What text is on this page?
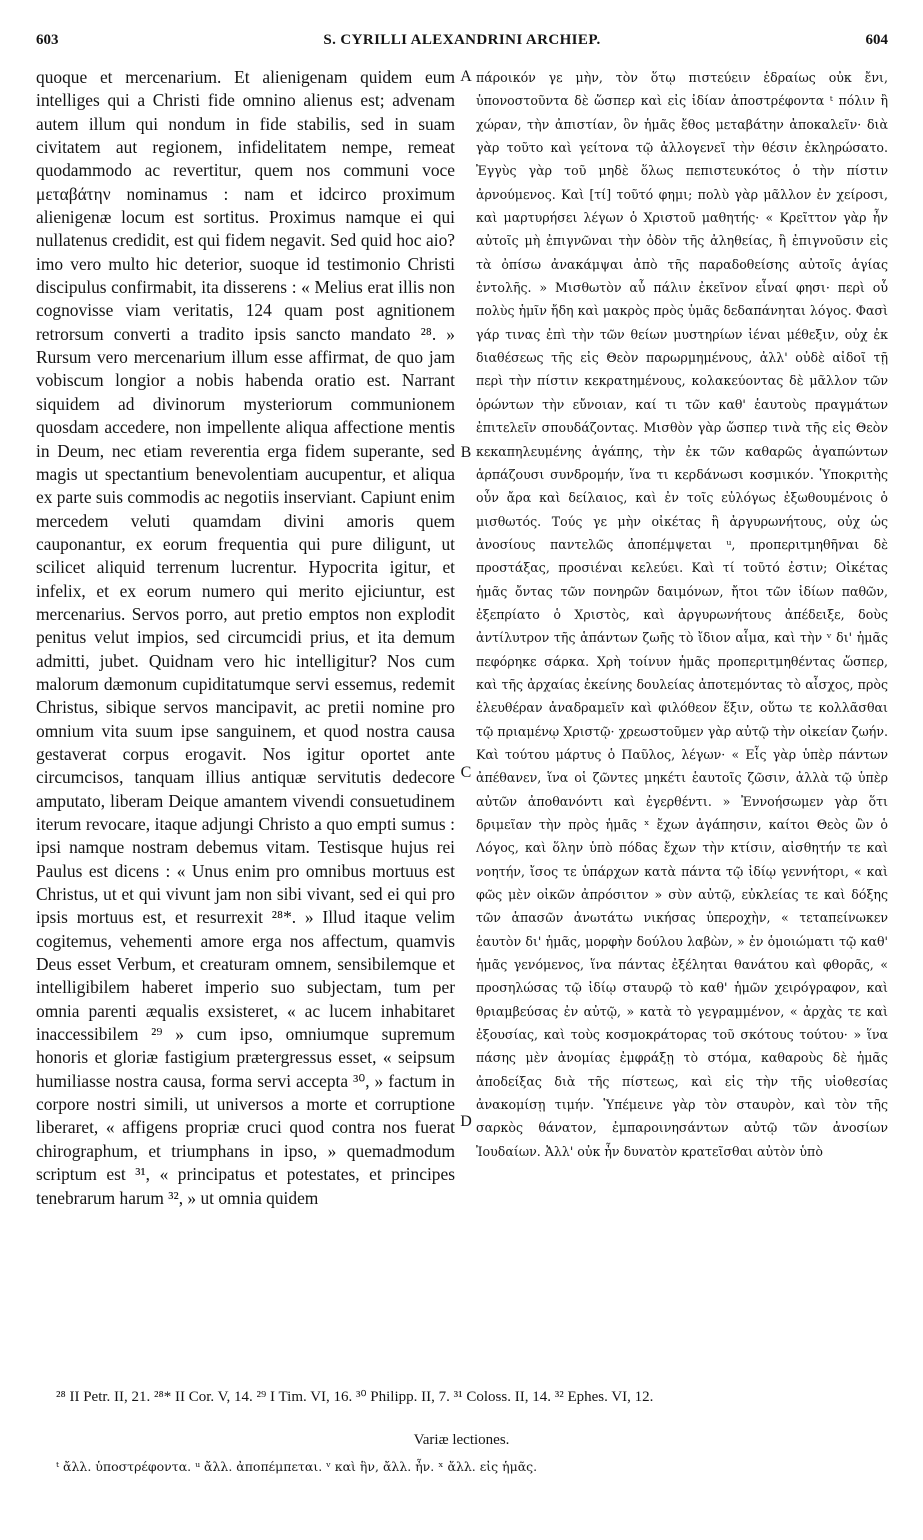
603	S. CYRILLI ALEXANDRINI ARCHIEP.	604
quoque et mercenarium. Et alienigenam quidem eum intelliges qui a Christi fide omnino alienus est; advenam autem illum qui nondum in fide stabilis, sed in suam civitatem aut regionem, infidelitatem nempe, remeat quodammodo ac revertitur, quem nos communi voce μεταβάτην nominamus : nam et idcirco proximum alienigenæ locum est sortitus. Proximus namque ei qui nullatenus credidit, est qui fidem negavit. Sed quid hoc aio? imo vero multo hic deterior, suoque id testimonio Christi discipulus confirmabit, ita disserens : « Melius erat illis non cognovisse viam veritatis, 124 quam post agnitionem retrorsum converti a tradito ipsis sancto mandato ²⁸. » Rursum vero mercenarium illum esse affirmat, de quo jam vobiscum longior a nobis habenda oratio est. Narrant siquidem ad divinorum mysteriorum communionem quosdam accedere, non impellente aliqua affectione mentis in Deum, nec etiam reverentia erga fidem superante, sed magis ut spectantium benevolentiam aucupentur, et aliqua ex parte suis commodis ac negotiis inserviant. Capiunt enim mercedem veluti quamdam divini amoris quem cauponantur, ex eorum frequentia qui pure diligunt, ut scilicet aliquid terrenum lucrentur. Hypocrita igitur, et infelix, et ex eorum numero qui merito ejiciuntur, est mercenarius. Servos porro, aut pretio emptos non explodit penitus velut impios, sed circumcidi prius, et ita demum admitti, jubet. Quidnam vero hic intelligitur? Nos cum malorum dæmonum cupiditatumque servi essemus, redemit Christus, sibique servos mancipavit, ac pretii nomine pro omnium vita suum ipse sanguinem, et quod nostra causa gestaverat corpus erogavit. Nos igitur oportet ante circumcisos, tanquam illius antiquæ servitutis dedecore amputato, liberam Deique amantem vivendi consuetudinem iterum revocare, itaque adjungi Christo a quo empti sumus : ipsi namque nostram debemus vitam. Testisque hujus rei Paulus est dicens : « Unus enim pro omnibus mortuus est Christus, ut et qui vivunt jam non sibi vivant, sed ei qui pro ipsis mortuus est, et resurrexit ²⁸*. » Illud itaque velim cogitemus, vehementi amore erga nos affectum, quamvis Deus esset Verbum, et creaturam omnem, sensibilemque et intelligibilem haberet imperio suo subjectam, tum per omnia parenti æqualis exsisteret, « ac lucem inhabitaret inaccessibilem ²⁹ » cum ipso, omniumque supremum honoris et gloriæ fastigium prætergressus esset, « seipsum humiliasse nostra causa, forma servi accepta ³⁰, » factum in corpore nostri simili, ut universos a morte et corruptione liberaret, « affigens propriæ cruci quod contra nos fuerat chirographum, et triumphans in ipso, » quemadmodum scriptum est ³¹, « principatus et potestates, et principes tenebrarum harum ³², » ut omnia quidem
A
B
C
D
πάροικόν γε μὴν, τὸν ὅτῳ πιστεύειν ἑδραίως οὐκ ἔνι, ὑπονοστοῦντα δὲ ὥσπερ καὶ εἰς ἰδίαν ἀποστρέφοντα ᵗ πόλιν ἢ χώραν, τὴν ἀπιστίαν, ὃν ἡμᾶς ἔθος μεταβάτην ἀποκαλεῖν· διὰ γὰρ τοῦτο καὶ γείτονα τῷ ἀλλογενεῖ τὴν θέσιν ἐκληρώσατο. Ἐγγὺς γὰρ τοῦ μηδὲ ὅλως πεπιστευκότος ὁ τὴν πίστιν ἀρνούμενος. Καὶ [τί] τοῦτό φημι; πολὺ γὰρ μᾶλλον ἐν χείροσι, καὶ μαρτυρήσει λέγων ὁ Χριστοῦ μαθητής· « Κρεῖττον γὰρ ἦν αὐτοῖς μὴ ἐπιγνῶναι τὴν ὁδὸν τῆς ἀληθείας, ἢ ἐπιγνοῦσιν εἰς τὰ ὀπίσω ἀνακάμψαι ἀπὸ τῆς παραδοθείσης αὐτοῖς ἁγίας ἐντολῆς. » Μισθωτὸν αὖ πάλιν ἐκεῖνον εἶναί φησι· περὶ οὗ πολὺς ἡμῖν ἤδη καὶ μακρὸς πρὸς ὑμᾶς δεδαπάνηται λόγος. Φασὶ γάρ τινας ἐπὶ τὴν τῶν θείων μυστηρίων ἰέναι μέθεξιν, οὐχ ἐκ διαθέσεως τῆς εἰς Θεὸν παρωρμημένους, ἀλλ' οὐδὲ αἰδοῖ τῇ περὶ τὴν πίστιν κεκρατημένους, κολακεύοντας δὲ μᾶλλον τῶν ὁρώντων τὴν εὔνοιαν, καί τι τῶν καθ' ἑαυτοὺς πραγμάτων ἐπιτελεῖν σπουδάζοντας. Μισθὸν γὰρ ὥσπερ τινὰ τῆς εἰς Θεὸν κεκαπηλευμένης ἀγάπης, τὴν ἐκ τῶν καθαρῶς ἀγαπώντων ἁρπάζουσι συνδρομήν, ἵνα τι κερδάνωσι κοσμικόν. Ὑποκριτὴς οὖν ἄρα καὶ δείλαιος, καὶ ἐν τοῖς εὐλόγως ἐξωθουμένοις ὁ μισθωτός. Τούς γε μὴν οἰκέτας ἢ ἀργυρωνήτους, οὐχ ὡς ἀνοσίους παντελῶς ἀποπέμψεται ᵘ, προπεριτμηθῆναι δὲ προστάξας, προσιέναι κελεύει. Καὶ τί τοῦτό ἐστιν; Οἰκέτας ἡμᾶς ὄντας τῶν πονηρῶν δαιμόνων, ἤτοι τῶν ἰδίων παθῶν, ἐξεπρίατο ὁ Χριστὸς, καὶ ἀργυρωνήτους ἀπέδειξε, δοὺς ἀντίλυτρον τῆς ἁπάντων ζωῆς τὸ ἴδιον αἷμα, καὶ τὴν ᵛ δι' ἡμᾶς πεφόρηκε σάρκα. Χρὴ τοίνυν ἡμᾶς προπεριτμηθέντας ὥσπερ, καὶ τῆς ἀρχαίας ἐκείνης δουλείας ἀποτεμόντας τὸ αἶσχος, πρὸς ἐλευθέραν ἀναδραμεῖν καὶ φιλόθεον ἕξιν, οὕτω τε κολλᾶσθαι τῷ πριαμένῳ Χριστῷ· χρεωστοῦμεν γὰρ αὐτῷ τὴν οἰκείαν ζωήν. Καὶ τούτου μάρτυς ὁ Παῦλος, λέγων· « Εἷς γὰρ ὑπὲρ πάντων ἀπέθανεν, ἵνα οἱ ζῶντες μηκέτι ἑαυτοῖς ζῶσιν, ἀλλὰ τῷ ὑπὲρ αὐτῶν ἀποθανόντι καὶ ἐγερθέντι. » Ἐννοήσωμεν γὰρ ὅτι δριμεῖαν τὴν πρὸς ἡμᾶς ˣ ἔχων ἀγάπησιν, καίτοι Θεὸς ὢν ὁ Λόγος, καὶ ὅλην ὑπὸ πόδας ἔχων τὴν κτίσιν, αἰσθητήν τε καὶ νοητήν, ἴσος τε ὑπάρχων κατὰ πάντα τῷ ἰδίῳ γεννήτορι, « καὶ φῶς μὲν οἰκῶν ἀπρόσιτον » σὺν αὐτῷ, εὐκλείας τε καὶ δόξης τῶν ἁπασῶν ἀνωτάτω νικήσας ὑπεροχὴν, « τεταπείνωκεν ἑαυτὸν δι' ἡμᾶς, μορφὴν δούλου λαβὼν, » ἐν ὁμοιώματι τῷ καθ' ἡμᾶς γενόμενος, ἵνα πάντας ἐξέληται θανάτου καὶ φθορᾶς, « προσηλώσας τῷ ἰδίῳ σταυρῷ τὸ καθ' ἡμῶν χειρόγραφον, καὶ θριαμβεύσας ἐν αὐτῷ, » κατὰ τὸ γεγραμμένον, « ἀρχὰς τε καὶ ἐξουσίας, καὶ τοὺς κοσμοκράτορας τοῦ σκότους τούτου· » ἵνα πάσης μὲν ἀνομίας ἐμφράξῃ τὸ στόμα, καθαροὺς δὲ ἡμᾶς ἀποδείξας διὰ τῆς πίστεως, καὶ εἰς τὴν τῆς υἱοθεσίας ἀνακομίσῃ τιμήν. Ὑπέμεινε γὰρ τὸν σταυρὸν, καὶ τὸν τῆς σαρκὸς θάνατον, ἐμπαροινησάντων αὐτῷ τῶν ἀνοσίων Ἰουδαίων. Ἀλλ' οὐκ ἦν δυνατὸν κρατεῖσθαι αὐτὸν ὑπὸ
²⁸ II Petr. II, 21. ²⁸* II Cor. V, 14. ²⁹ I Tim. VI, 16. ³⁰ Philipp. II, 7. ³¹ Coloss. II, 14. ³² Ephes. VI, 12.
Variæ lectiones.
ᵗ ἄλλ. ὑποστρέφοντα. ᵘ ἄλλ. ἀποπέμπεται. ᵛ καὶ ἣν, ἄλλ. ἦν. ˣ ἄλλ. εἰς ἡμᾶς.
